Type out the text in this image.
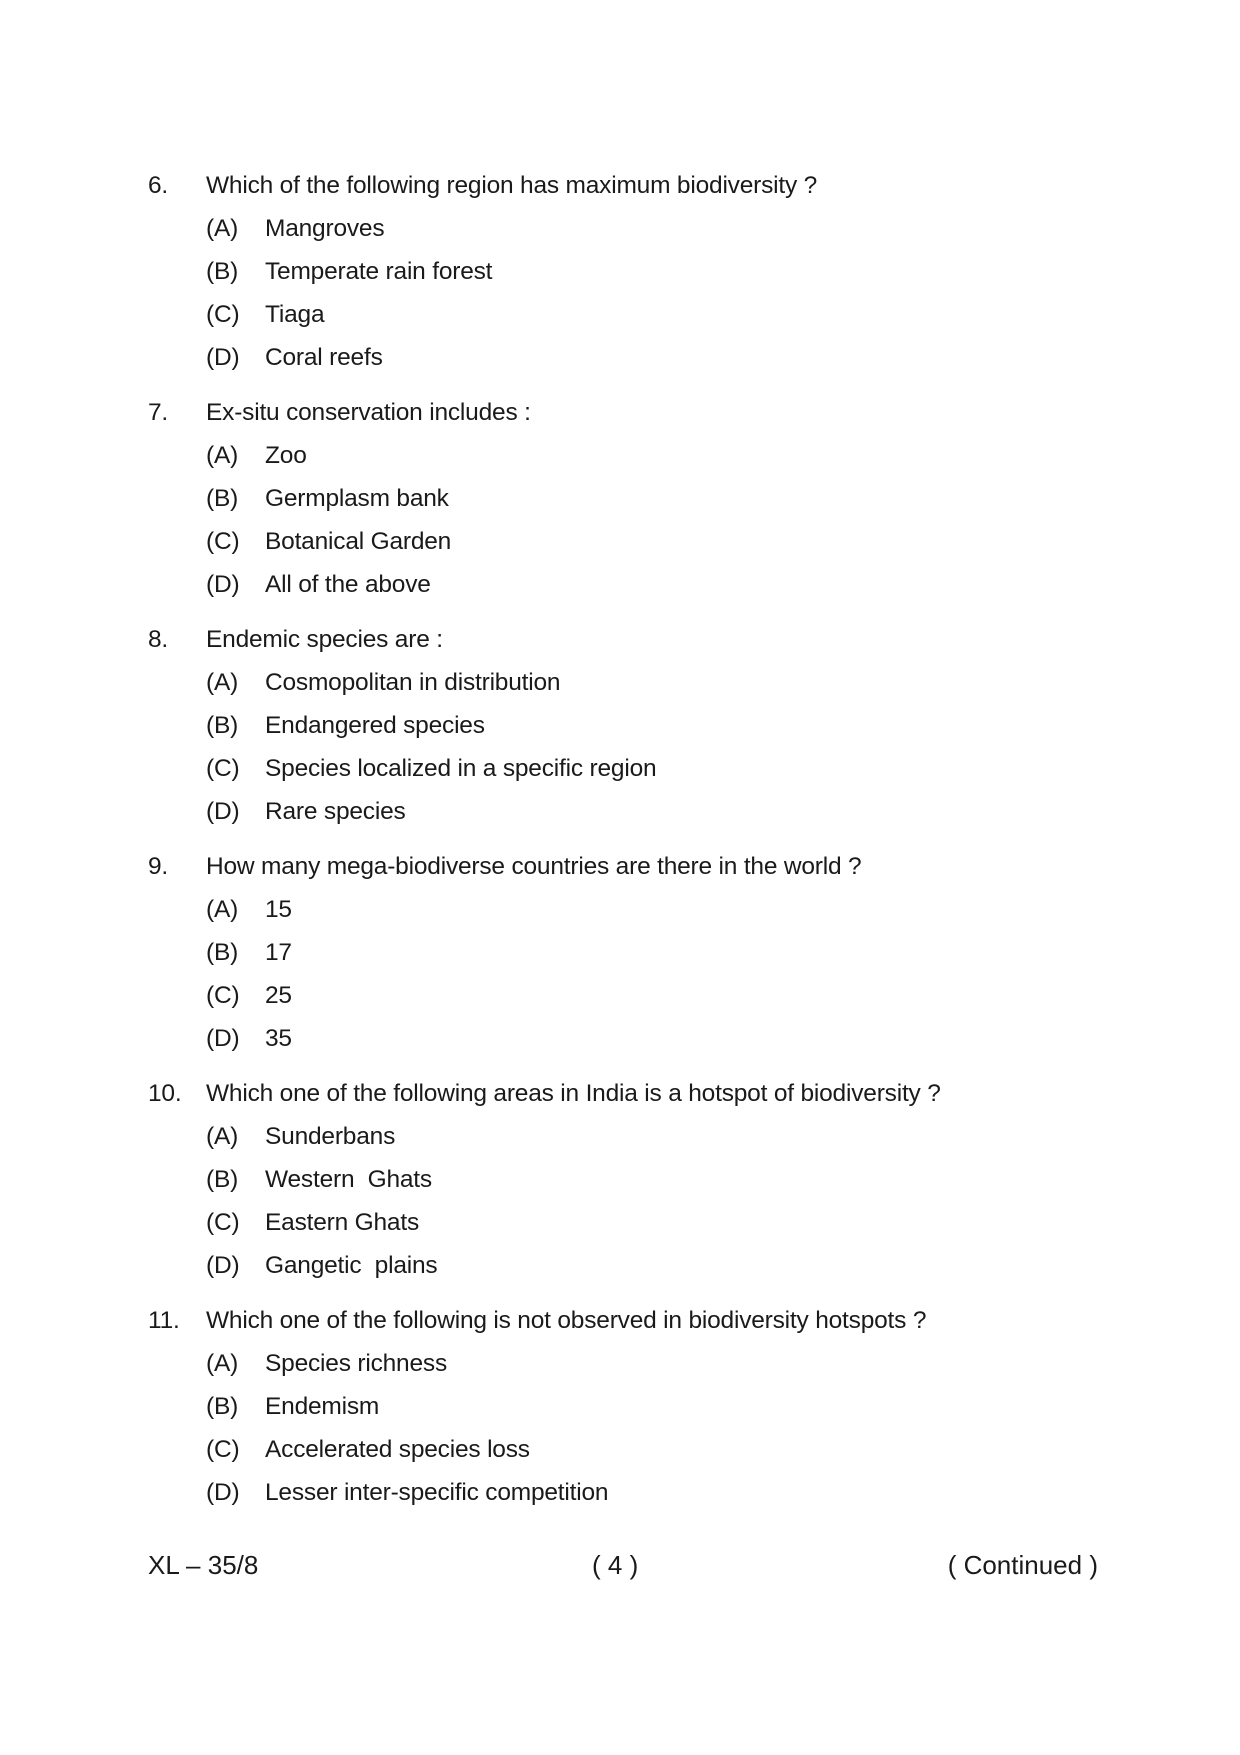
6. Which of the following region has maximum biodiversity ?
(A) Mangroves
(B) Temperate rain forest
(C) Tiaga
(D) Coral reefs
7. Ex-situ conservation includes :
(A) Zoo
(B) Germplasm bank
(C) Botanical Garden
(D) All of the above
8. Endemic species are :
(A) Cosmopolitan in distribution
(B) Endangered species
(C) Species localized in a specific region
(D) Rare species
9. How many mega-biodiverse countries are there in the world ?
(A) 15
(B) 17
(C) 25
(D) 35
10. Which one of the following areas in India is a hotspot of biodiversity ?
(A) Sunderbans
(B) Western  Ghats
(C) Eastern Ghats
(D) Gangetic  plains
11. Which one of the following is not observed in biodiversity hotspots ?
(A) Species richness
(B) Endemism
(C) Accelerated species loss
(D) Lesser inter-specific competition
XL – 35/8	( 4 )	( Continued )
